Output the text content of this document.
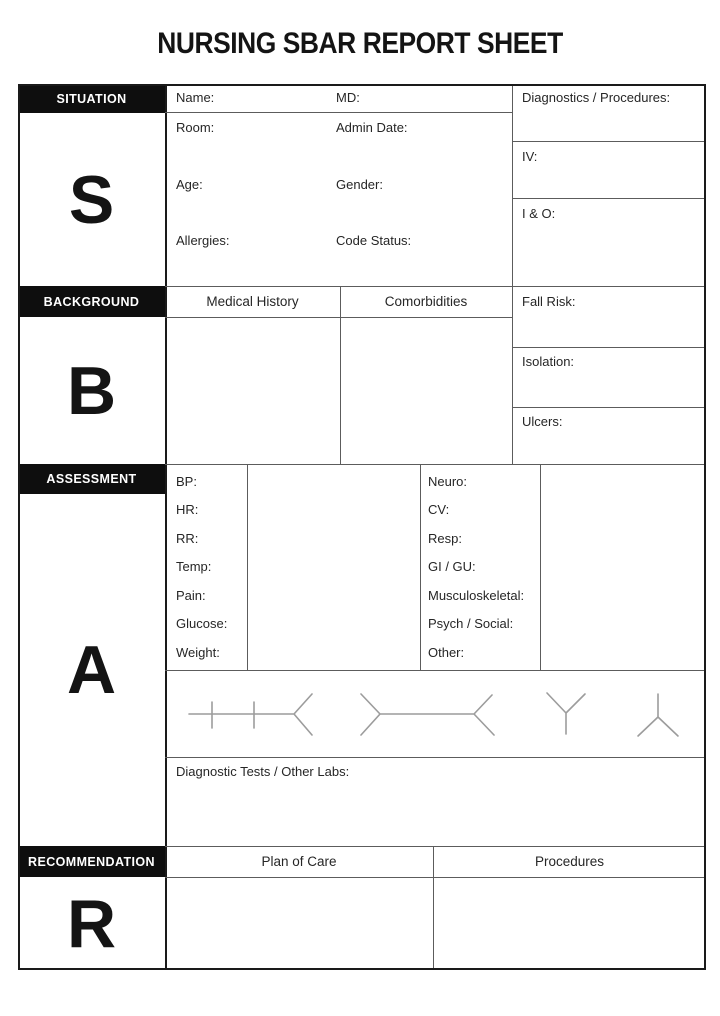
NURSING SBAR REPORT SHEET
SITUATION
BACKGROUND
ASSESSMENT
RECOMMENDATION
S
B
A
R
Name:	MD:
Room:	Admin Date:
Age:	Gender:
Allergies:	Code Status:
Diagnostics / Procedures:
IV:
I & O:
Fall Risk:
Isolation:
Ulcers:
Medical History	Comorbidities
BP:
HR:
RR:
Temp:
Pain:
Glucose:
Weight:
Neuro:
CV:
Resp:
GI / GU:
Musculoskeletal:
Psych / Social:
Other:
Diagnostic Tests / Other Labs:
Plan of Care	Procedures
